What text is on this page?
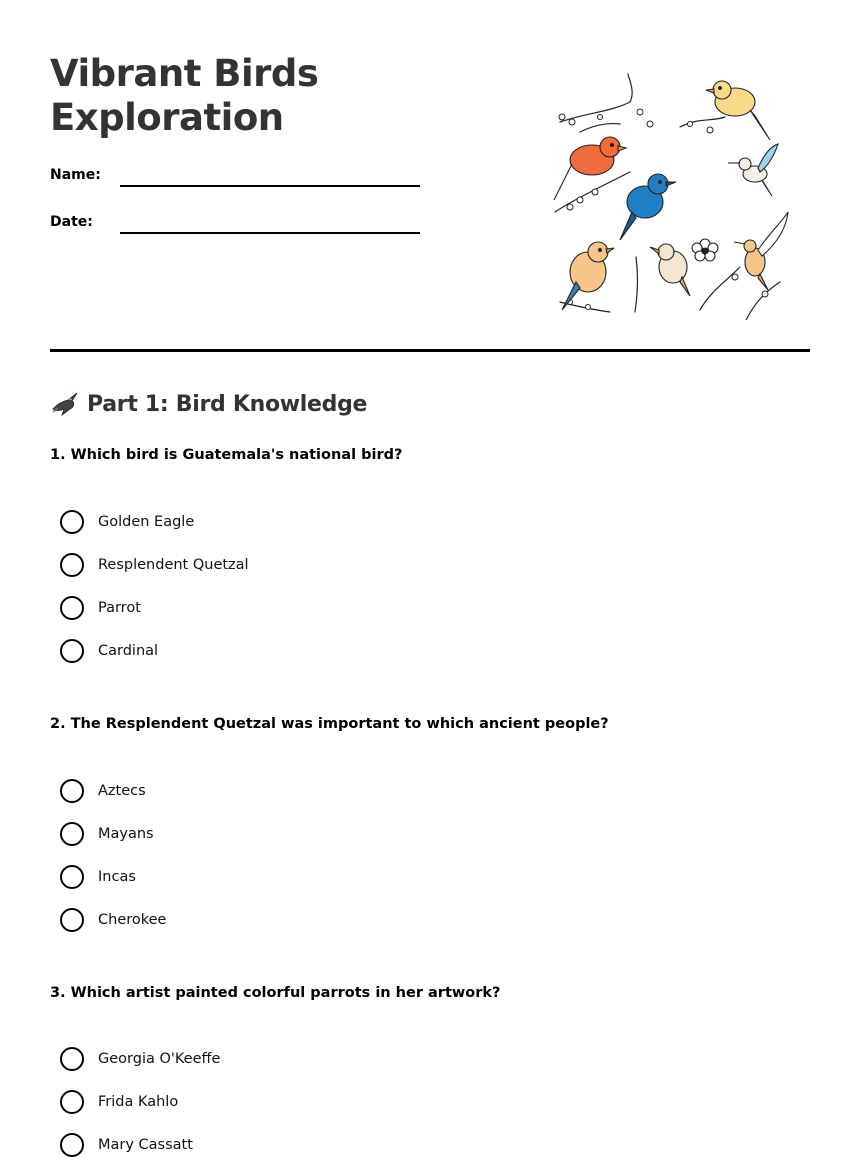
Vibrant Birds Exploration
Name:
Date:
Part 1: Bird Knowledge
1. Which bird is Guatemala's national bird?
Golden Eagle
Resplendent Quetzal
Parrot
Cardinal
2. The Resplendent Quetzal was important to which ancient people?
Aztecs
Mayans
Incas
Cherokee
3. Which artist painted colorful parrots in her artwork?
Georgia O'Keeffe
Frida Kahlo
Mary Cassatt
